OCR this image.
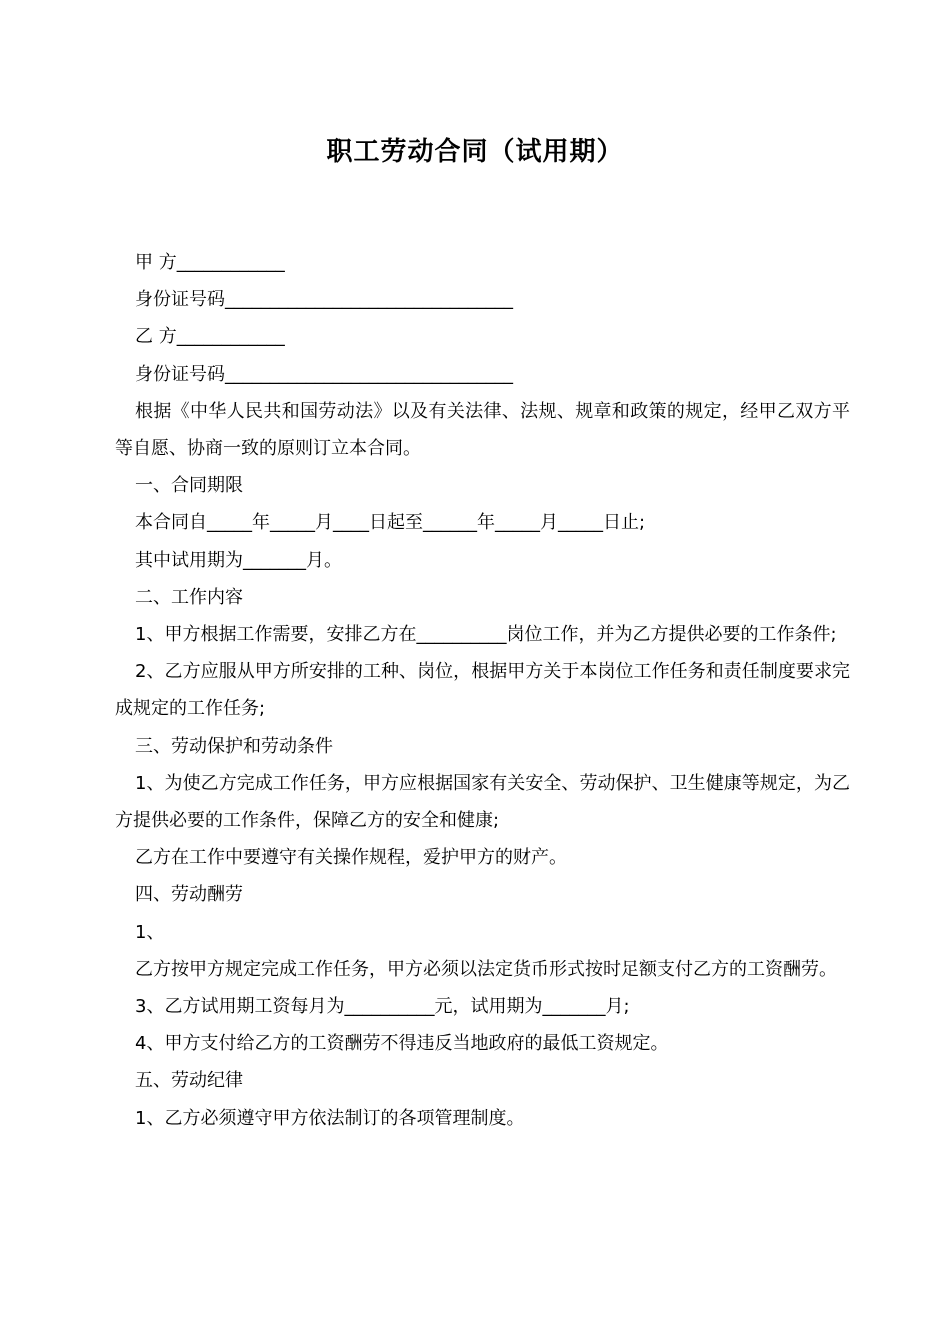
职工劳动合同（试用期）
甲 方____________
身份证号码________________________________
乙 方____________
身份证号码________________________________
根据《中华人民共和国劳动法》以及有关法律、法规、规章和政策的规定，经甲乙双方平等自愿、协商一致的原则订立本合同。
一、合同期限
本合同自_____年_____月____日起至______年_____月_____日止;
其中试用期为_______月。
二、工作内容
1、甲方根据工作需要，安排乙方在__________岗位工作，并为乙方提供必要的工作条件;
2、乙方应服从甲方所安排的工种、岗位，根据甲方关于本岗位工作任务和责任制度要求完成规定的工作任务;
三、劳动保护和劳动条件
1、为使乙方完成工作任务，甲方应根据国家有关安全、劳动保护、卫生健康等规定，为乙方提供必要的工作条件，保障乙方的安全和健康;
乙方在工作中要遵守有关操作规程，爱护甲方的财产。
四、劳动酬劳
1、
乙方按甲方规定完成工作任务，甲方必须以法定货币形式按时足额支付乙方的工资酬劳。
3、乙方试用期工资每月为__________元，试用期为_______月;
4、甲方支付给乙方的工资酬劳不得违反当地政府的最低工资规定。
五、劳动纪律
1、乙方必须遵守甲方依法制订的各项管理制度。
